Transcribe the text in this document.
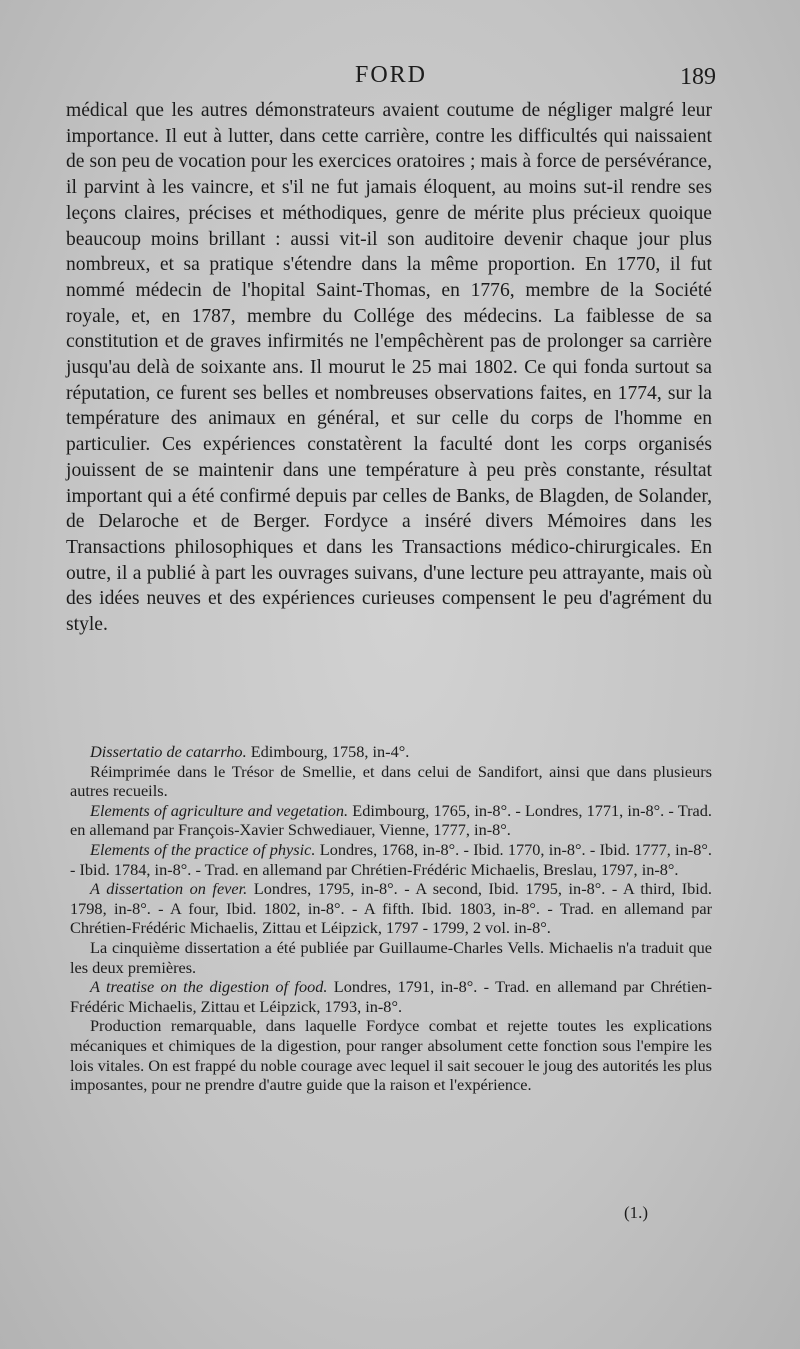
FORD	189
médical que les autres démonstrateurs avaient coutume de négliger malgré leur importance. Il eut à lutter, dans cette carrière, contre les difficultés qui naissaient de son peu de vocation pour les exercices oratoires ; mais à force de persévérance, il parvint à les vaincre, et s'il ne fut jamais éloquent, au moins sut-il rendre ses leçons claires, précises et méthodiques, genre de mérite plus précieux quoique beaucoup moins brillant : aussi vit-il son auditoire devenir chaque jour plus nombreux, et sa pratique s'étendre dans la même proportion. En 1770, il fut nommé médecin de l'hopital Saint-Thomas, en 1776, membre de la Société royale, et, en 1787, membre du Collége des médecins. La faiblesse de sa constitution et de graves infirmités ne l'empêchèrent pas de prolonger sa carrière jusqu'au delà de soixante ans. Il mourut le 25 mai 1802. Ce qui fonda surtout sa réputation, ce furent ses belles et nombreuses observations faites, en 1774, sur la température des animaux en général, et sur celle du corps de l'homme en particulier. Ces expériences constatèrent la faculté dont les corps organisés jouissent de se maintenir dans une température à peu près constante, résultat important qui a été confirmé depuis par celles de Banks, de Blagden, de Solander, de Delaroche et de Berger. Fordyce a inséré divers Mémoires dans les Transactions philosophiques et dans les Transactions médico-chirurgicales. En outre, il a publié à part les ouvrages suivans, d'une lecture peu attrayante, mais où des idées neuves et des expériences curieuses compensent le peu d'agrément du style.

Dissertatio de catarrho. Edimbourg, 1758, in-4°.

Réimprimée dans le Trésor de Smellie, et dans celui de Sandifort, ainsi que dans plusieurs autres recueils.

Elements of agriculture and vegetation. Edimbourg, 1765, in-8°. - Londres, 1771, in-8°. - Trad. en allemand par François-Xavier Schwediauer, Vienne, 1777, in-8°.

Elements of the practice of physic. Londres, 1768, in-8°. - Ibid. 1770, in-8°. - Ibid. 1777, in-8°. - Ibid. 1784, in-8°. - Trad. en allemand par Chrétien-Frédéric Michaelis, Breslau, 1797, in-8°.

A dissertation on fever. Londres, 1795, in-8°. - A second, Ibid. 1795, in-8°. - A third, Ibid. 1798, in-8°. - A four, Ibid. 1802, in-8°. - A fifth. Ibid. 1803, in-8°. - Trad. en allemand par Chrétien-Frédéric Michaelis, Zittau et Léipzick, 1797 - 1799, 2 vol. in-8°.

La cinquième dissertation a été publiée par Guillaume-Charles Vells. Michaelis n'a traduit que les deux premières.

A treatise on the digestion of food. Londres, 1791, in-8°. - Trad. en allemand par Chrétien-Frédéric Michaelis, Zittau et Léipzick, 1793, in-8°.

Production remarquable, dans laquelle Fordyce combat et rejette toutes les explications mécaniques et chimiques de la digestion, pour ranger absolument cette fonction sous l'empire les lois vitales. On est frappé du noble courage avec lequel il sait secouer le joug des autorités les plus imposantes, pour ne prendre d'autre guide que la raison et l'expérience.

(1.)
